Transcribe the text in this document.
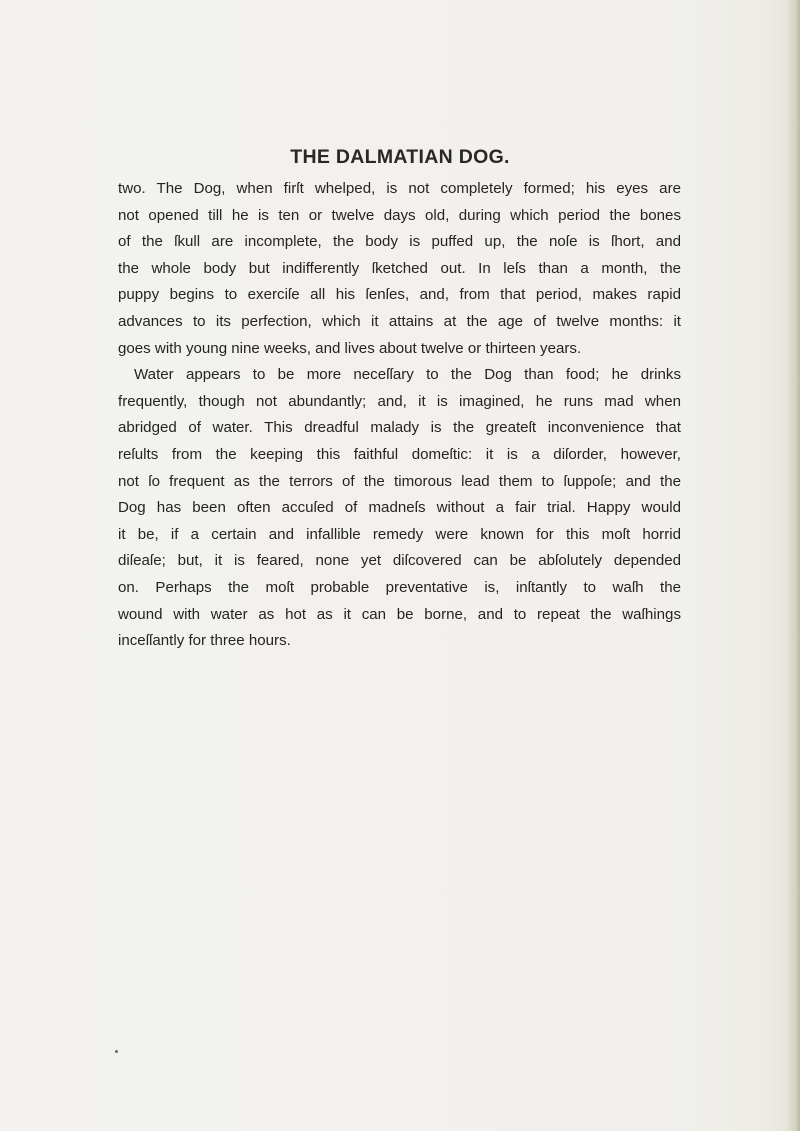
THE DALMATIAN DOG.
two. The Dog, when firſt whelped, is not completely formed; his eyes are
not opened till he is ten or twelve days old, during which period the bones
of the ſkull are incomplete, the body is puffed up, the noſe is ſhort, and
the whole body but indifferently ſketched out. In leſs than a month, the
puppy begins to exerciſe all his ſenſes, and, from that period, makes rapid
advances to its perfection, which it attains at the age of twelve months: it
goes with young nine weeks, and lives about twelve or thirteen years.
Water appears to be more neceſſary to the Dog than food; he drinks
frequently, though not abundantly; and, it is imagined, he runs mad when
abridged of water. This dreadful malady is the greateſt inconvenience that
reſults from the keeping this faithful domeſtic: it is a diſorder, however,
not ſo frequent as the terrors of the timorous lead them to ſuppoſe; and the
Dog has been often accuſed of madneſs without a fair trial. Happy would
it be, if a certain and infallible remedy were known for this moſt horrid
diſeaſe; but, it is feared, none yet diſcovered can be abſolutely depended
on. Perhaps the moſt probable preventative is, inſtantly to waſh the
wound with water as hot as it can be borne, and to repeat the waſhings
inceſſantly for three hours.
